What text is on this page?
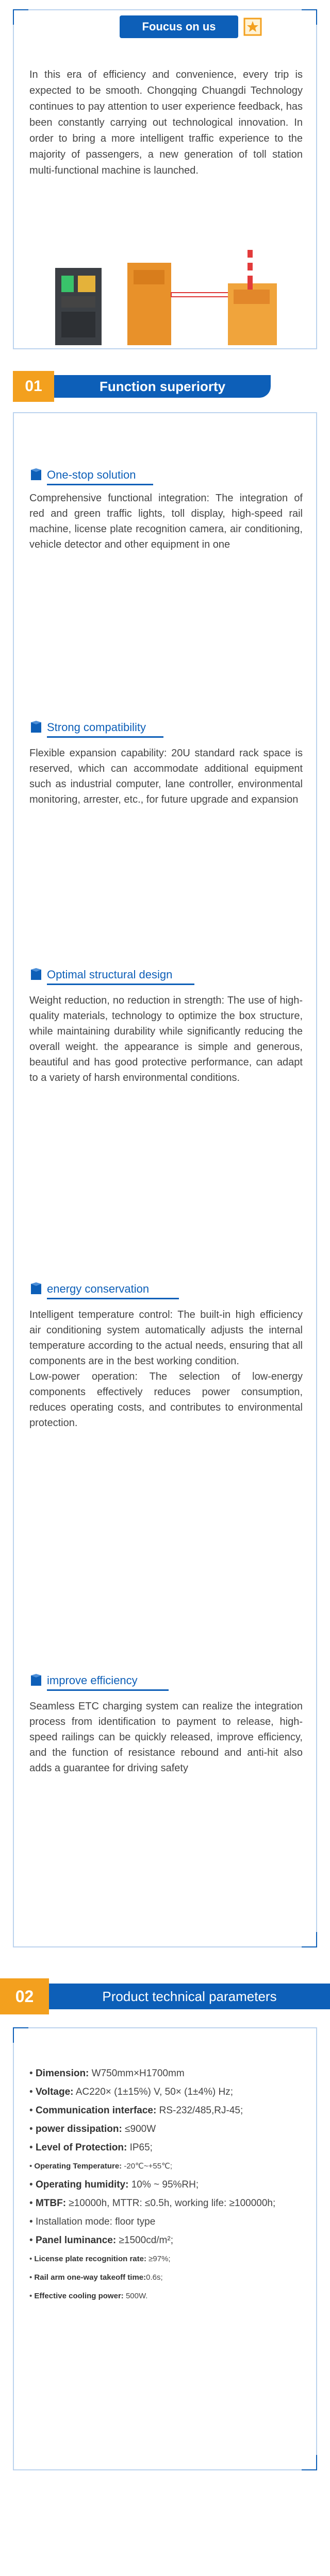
Foucus on us

In this era of efficiency and convenience, every trip is expected to be smooth. Chongqing Chuangdi Technology continues to pay attention to user experience feedback, has been constantly carrying out technological innovation. In order to bring a more intelligent traffic experience to the majority of passengers, a new generation of toll station multi-functional machine is launched.

01	Function superiorty
One-stop solution

Comprehensive functional integration: The integration of red and green traffic lights, toll display, high-speed rail machine, license plate recognition camera, air conditioning, vehicle detector and other equipment in one

Strong compatibility

Flexible expansion capability: 20U standard rack space is reserved, which can accommodate additional equipment such as industrial computer, lane controller, environmental monitoring, arrester, etc., for future upgrade and expansion

Optimal structural design

Weight reduction, no reduction in strength: The use of high-quality materials, technology to optimize the box structure, while maintaining durability while significantly reducing the overall weight. the appearance is simple and generous, beautiful and has good protective performance, can adapt to a variety of harsh environmental conditions.

energy conservation

Intelligent temperature control: The built-in high efficiency air conditioning system automatically adjusts the internal temperature according to the actual needs, ensuring that all components are in the best working condition.
Low-power operation: The selection of low-energy components effectively reduces power consumption, reduces operating costs, and contributes to environmental protection.

improve efficiency

Seamless ETC charging system can realize the integration process from identification to payment to release, high-speed railings can be quickly released, improve efficiency, and the function of resistance rebound and anti-hit also adds a guarantee for driving safety

02	Product technical parameters
• Dimension: W750mm×H1700mm
• Voltage: AC220× (1±15%) V, 50× (1±4%) Hz;
• Communication interface: RS-232/485,RJ-45;
• power dissipation: ≤900W
• Level of Protection: IP65;
• Operating Temperature: -20℃~+55℃;
• Operating humidity: 10% ~ 95%RH;
• MTBF: ≥10000h, MTTR: ≤0.5h, working life: ≥100000h;
• Installation mode: floor type
• Panel luminance: ≥1500cd/m²;
• License plate recognition rate: ≥97%;
• Rail arm one-way takeoff time:0.6s;
• Effective cooling power: 500W.
